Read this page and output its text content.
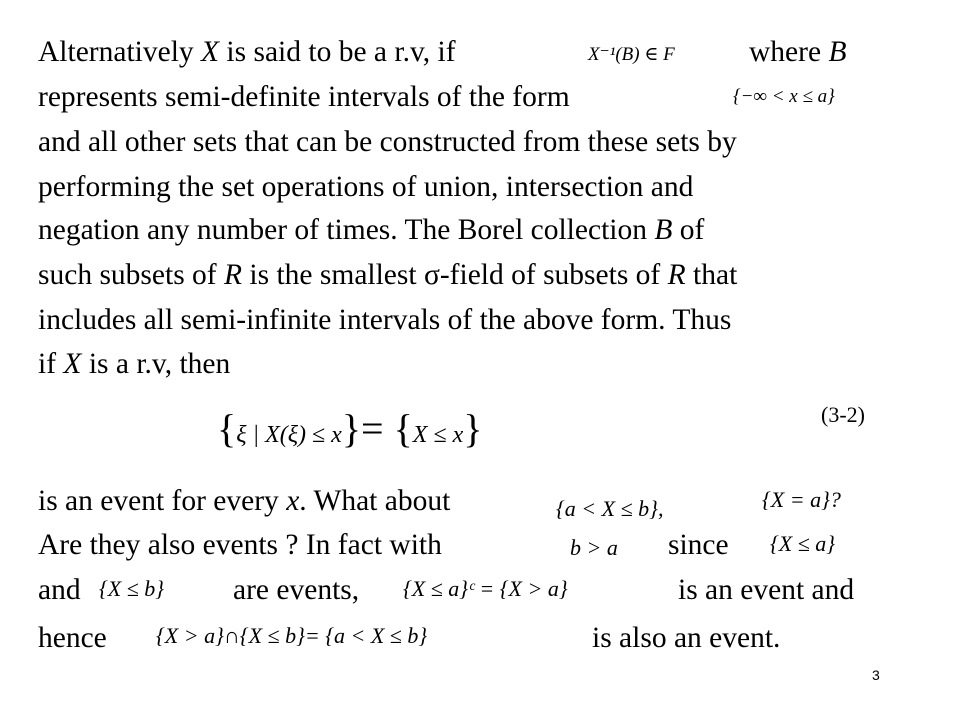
Alternatively X is said to be a r.v, if	X⁻¹(B) ∈ F	where B
represents semi-definite intervals of the form	{−∞ < x ≤ a}
and all other sets that can be constructed from these sets by
performing the set operations of union, intersection and
negation any number of times. The Borel collection B of
such subsets of R is the smallest σ-field of subsets of R that
includes all semi-infinite intervals of the above form. Thus
if X is a r.v, then
{ξ | X(ξ) ≤ x}= {X ≤ x}	(3-2)
is an event for every x. What about	{a < X ≤ b},	{X = a}?
Are they also events ? In fact with	b > a since {X ≤ a}
and {X ≤ b} are events, {X ≤ a}ᶜ = {X > a}	is an event and
hence {X > a}∩{X ≤ b}= {a < X ≤ b}	is also an event.
3
